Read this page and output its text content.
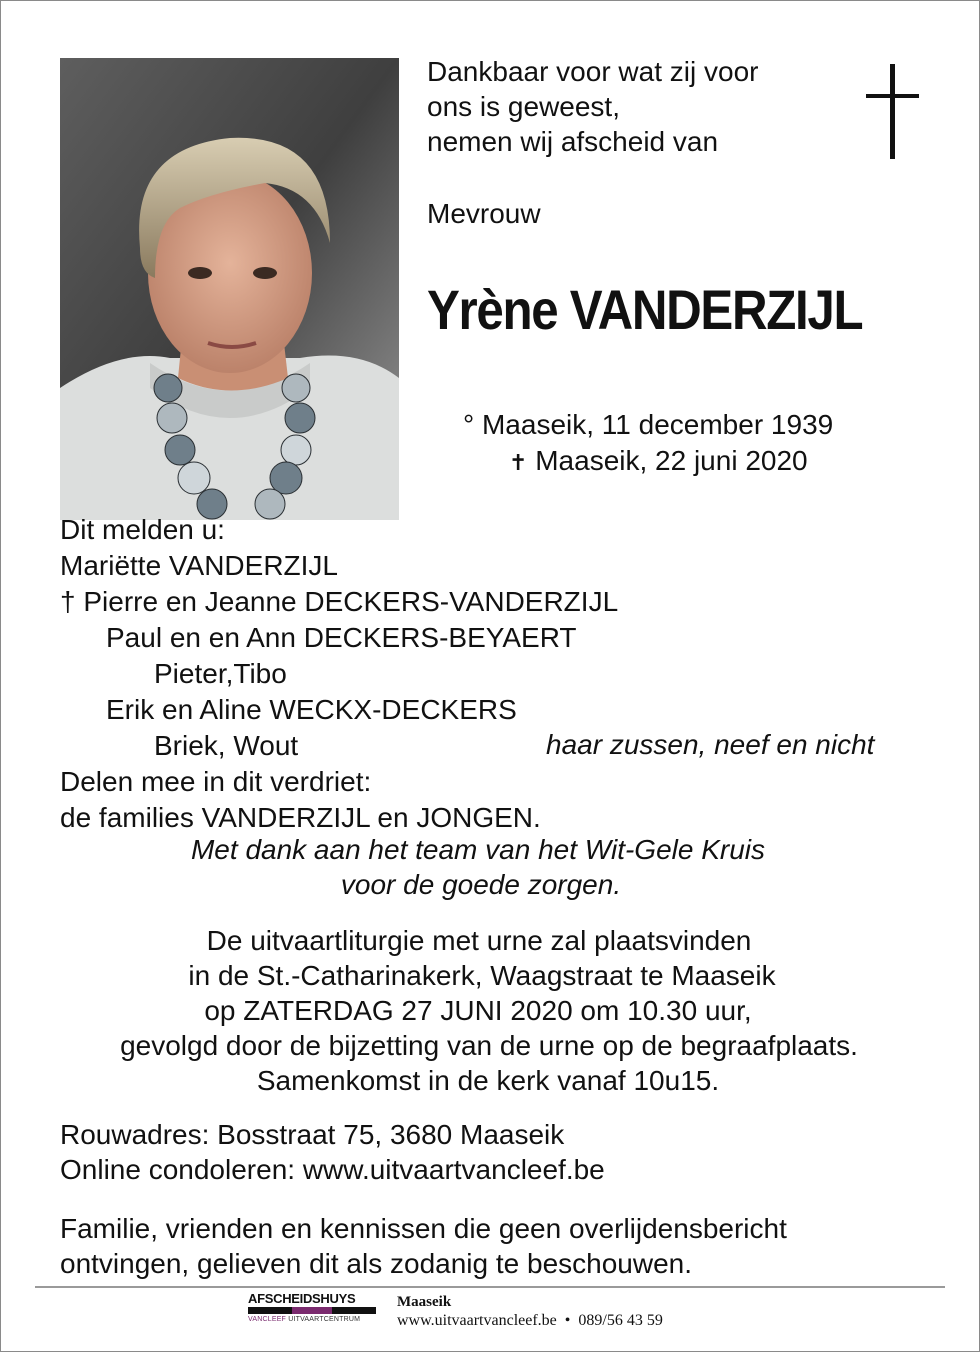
Dankbaar voor wat zij voor
ons is geweest,
nemen wij afscheid van
Mevrouw
Yrène VANDERZIJL
° Maaseik, 11 december 1939
✝ Maaseik, 22 juni 2020
Dit melden u:
Mariëtte VANDERZIJL
† Pierre en Jeanne DECKERS-VANDERZIJL
Paul en en Ann DECKERS-BEYAERT
Pieter,Tibo
Erik en Aline WECKX-DECKERS
Briek, Wout
Delen mee in dit verdriet:
de families VANDERZIJL en JONGEN.
haar zussen, neef en nicht
Met dank aan het team van het Wit-Gele Kruis
voor de goede zorgen.
De uitvaartliturgie met urne zal plaatsvinden
in de St.-Catharinakerk, Waagstraat te Maaseik
op ZATERDAG 27 JUNI 2020 om 10.30 uur,
gevolgd door de bijzetting van de urne op de begraafplaats.
Samenkomst in de kerk vanaf 10u15.
Rouwadres: Bosstraat 75, 3680 Maaseik
Online condoleren: www.uitvaartvancleef.be
Familie, vrienden en kennissen die geen overlijdensbericht
ontvingen, gelieven dit als zodanig te beschouwen.
AFSCHEIDSHUYS
VANCLEEF UITVAARTCENTRUM
Maaseik
www.uitvaartvancleef.be  •  089/56 43 59
